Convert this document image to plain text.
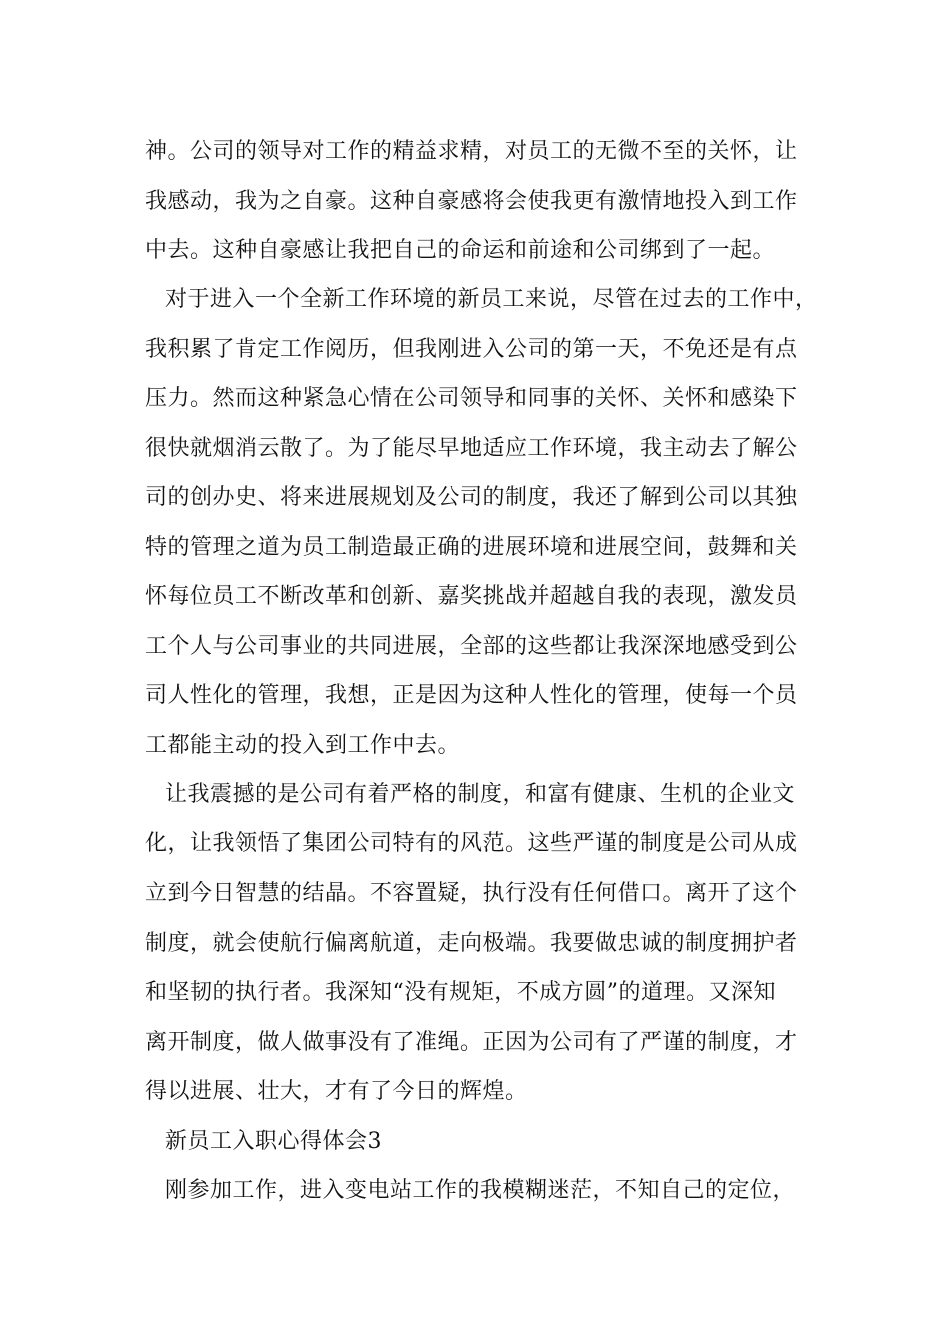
神。公司的领导对工作的精益求精，对员工的无微不至的关怀，让
我感动，我为之自豪。这种自豪感将会使我更有激情地投入到工作
中去。这种自豪感让我把自己的命运和前途和公司绑到了一起。
对于进入一个全新工作环境的新员工来说，尽管在过去的工作中，
我积累了肯定工作阅历，但我刚进入公司的第一天，不免还是有点
压力。然而这种紧急心情在公司领导和同事的关怀、关怀和感染下
很快就烟消云散了。为了能尽早地适应工作环境，我主动去了解公
司的创办史、将来进展规划及公司的制度，我还了解到公司以其独
特的管理之道为员工制造最正确的进展环境和进展空间，鼓舞和关
怀每位员工不断改革和创新、嘉奖挑战并超越自我的表现，激发员
工个人与公司事业的共同进展，全部的这些都让我深深地感受到公
司人性化的管理，我想，正是因为这种人性化的管理，使每一个员
工都能主动的投入到工作中去。
让我震撼的是公司有着严格的制度，和富有健康、生机的企业文
化，让我领悟了集团公司特有的风范。这些严谨的制度是公司从成
立到今日智慧的结晶。不容置疑，执行没有任何借口。离开了这个
制度，就会使航行偏离航道，走向极端。我要做忠诚的制度拥护者
和坚韧的执行者。我深知“没有规矩，不成方圆”的道理。又深知
离开制度，做人做事没有了准绳。正因为公司有了严谨的制度，才
得以进展、壮大，才有了今日的辉煌。
新员工入职心得体会3
刚参加工作，进入变电站工作的我模糊迷茫，不知自己的定位，
